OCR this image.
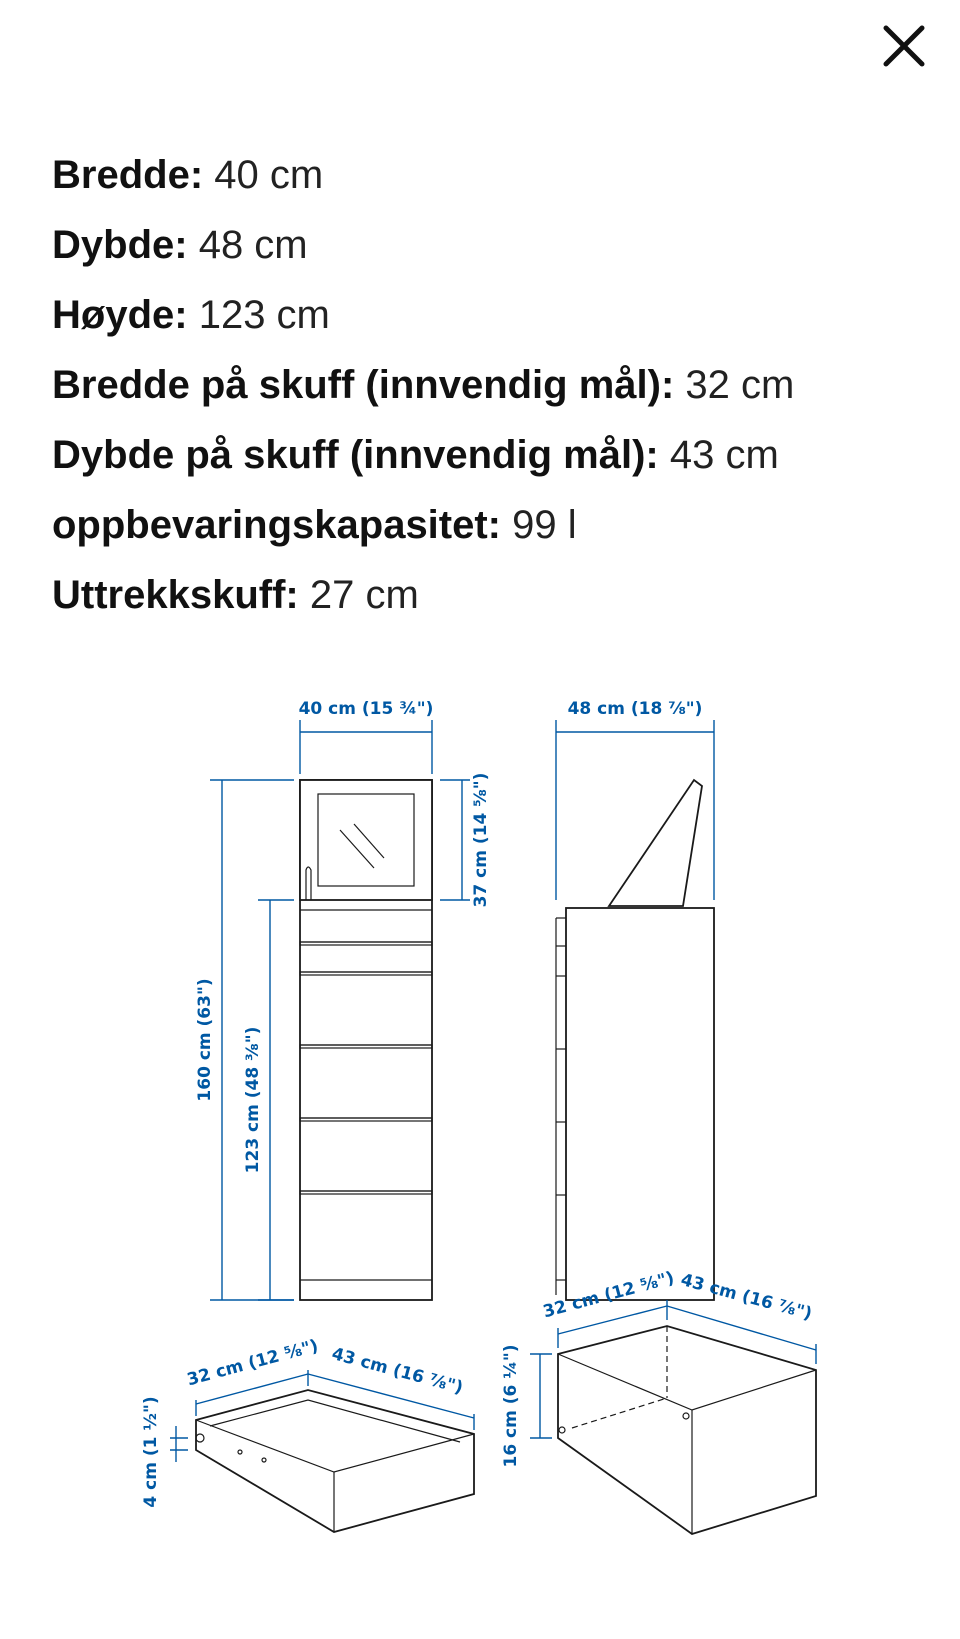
Bredde: 40 cm
Dybde: 48 cm
Høyde: 123 cm
Bredde på skuff (innvendig mål): 32 cm
Dybde på skuff (innvendig mål): 43 cm
oppbevaringskapasitet: 99 l
Uttrekkskuff: 27 cm
40 cm (15 ¾")	48 cm (18 ⅞")
37 cm (14 ⅝")
160 cm (63") 123 cm (48 ⅜")
32 cm (12 ⅝") 43 cm (16 ⅞")
4 cm (1 ½")
32 cm (12 ⅝") 43 cm (16 ⅞")
16 cm (6 ¼")
